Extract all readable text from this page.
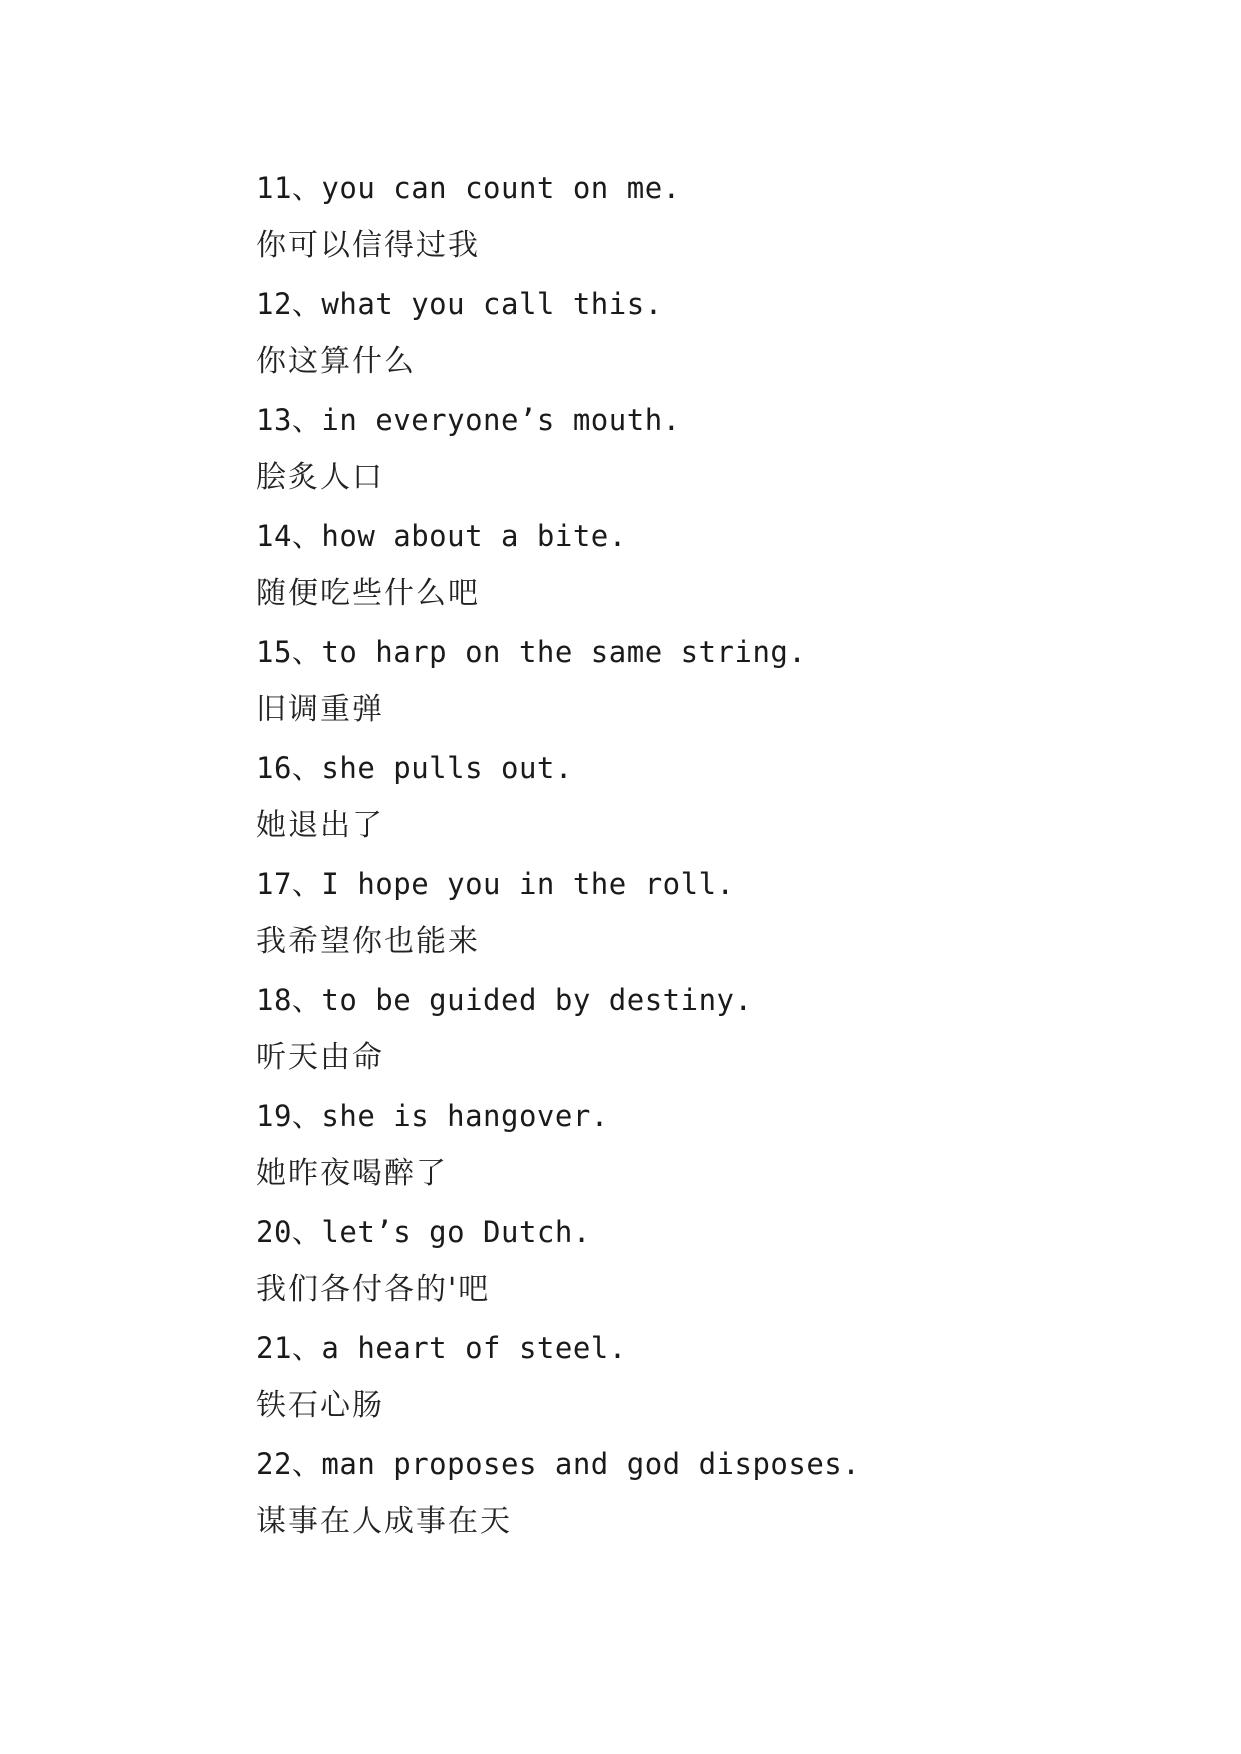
11、you can count on me.
你可以信得过我
12、what you call this.
你这算什么
13、in everyone’s mouth.
脍炙人口
14、how about a bite.
随便吃些什么吧
15、to harp on the same string.
旧调重弹
16、she pulls out.
她退出了
17、I hope you in the roll.
我希望你也能来
18、to be guided by destiny.
听天由命
19、she is hangover.
她昨夜喝醉了
20、let’s go Dutch.
我们各付各的'吧
21、a heart of steel.
铁石心肠
22、man proposes and god disposes.
谋事在人成事在天
